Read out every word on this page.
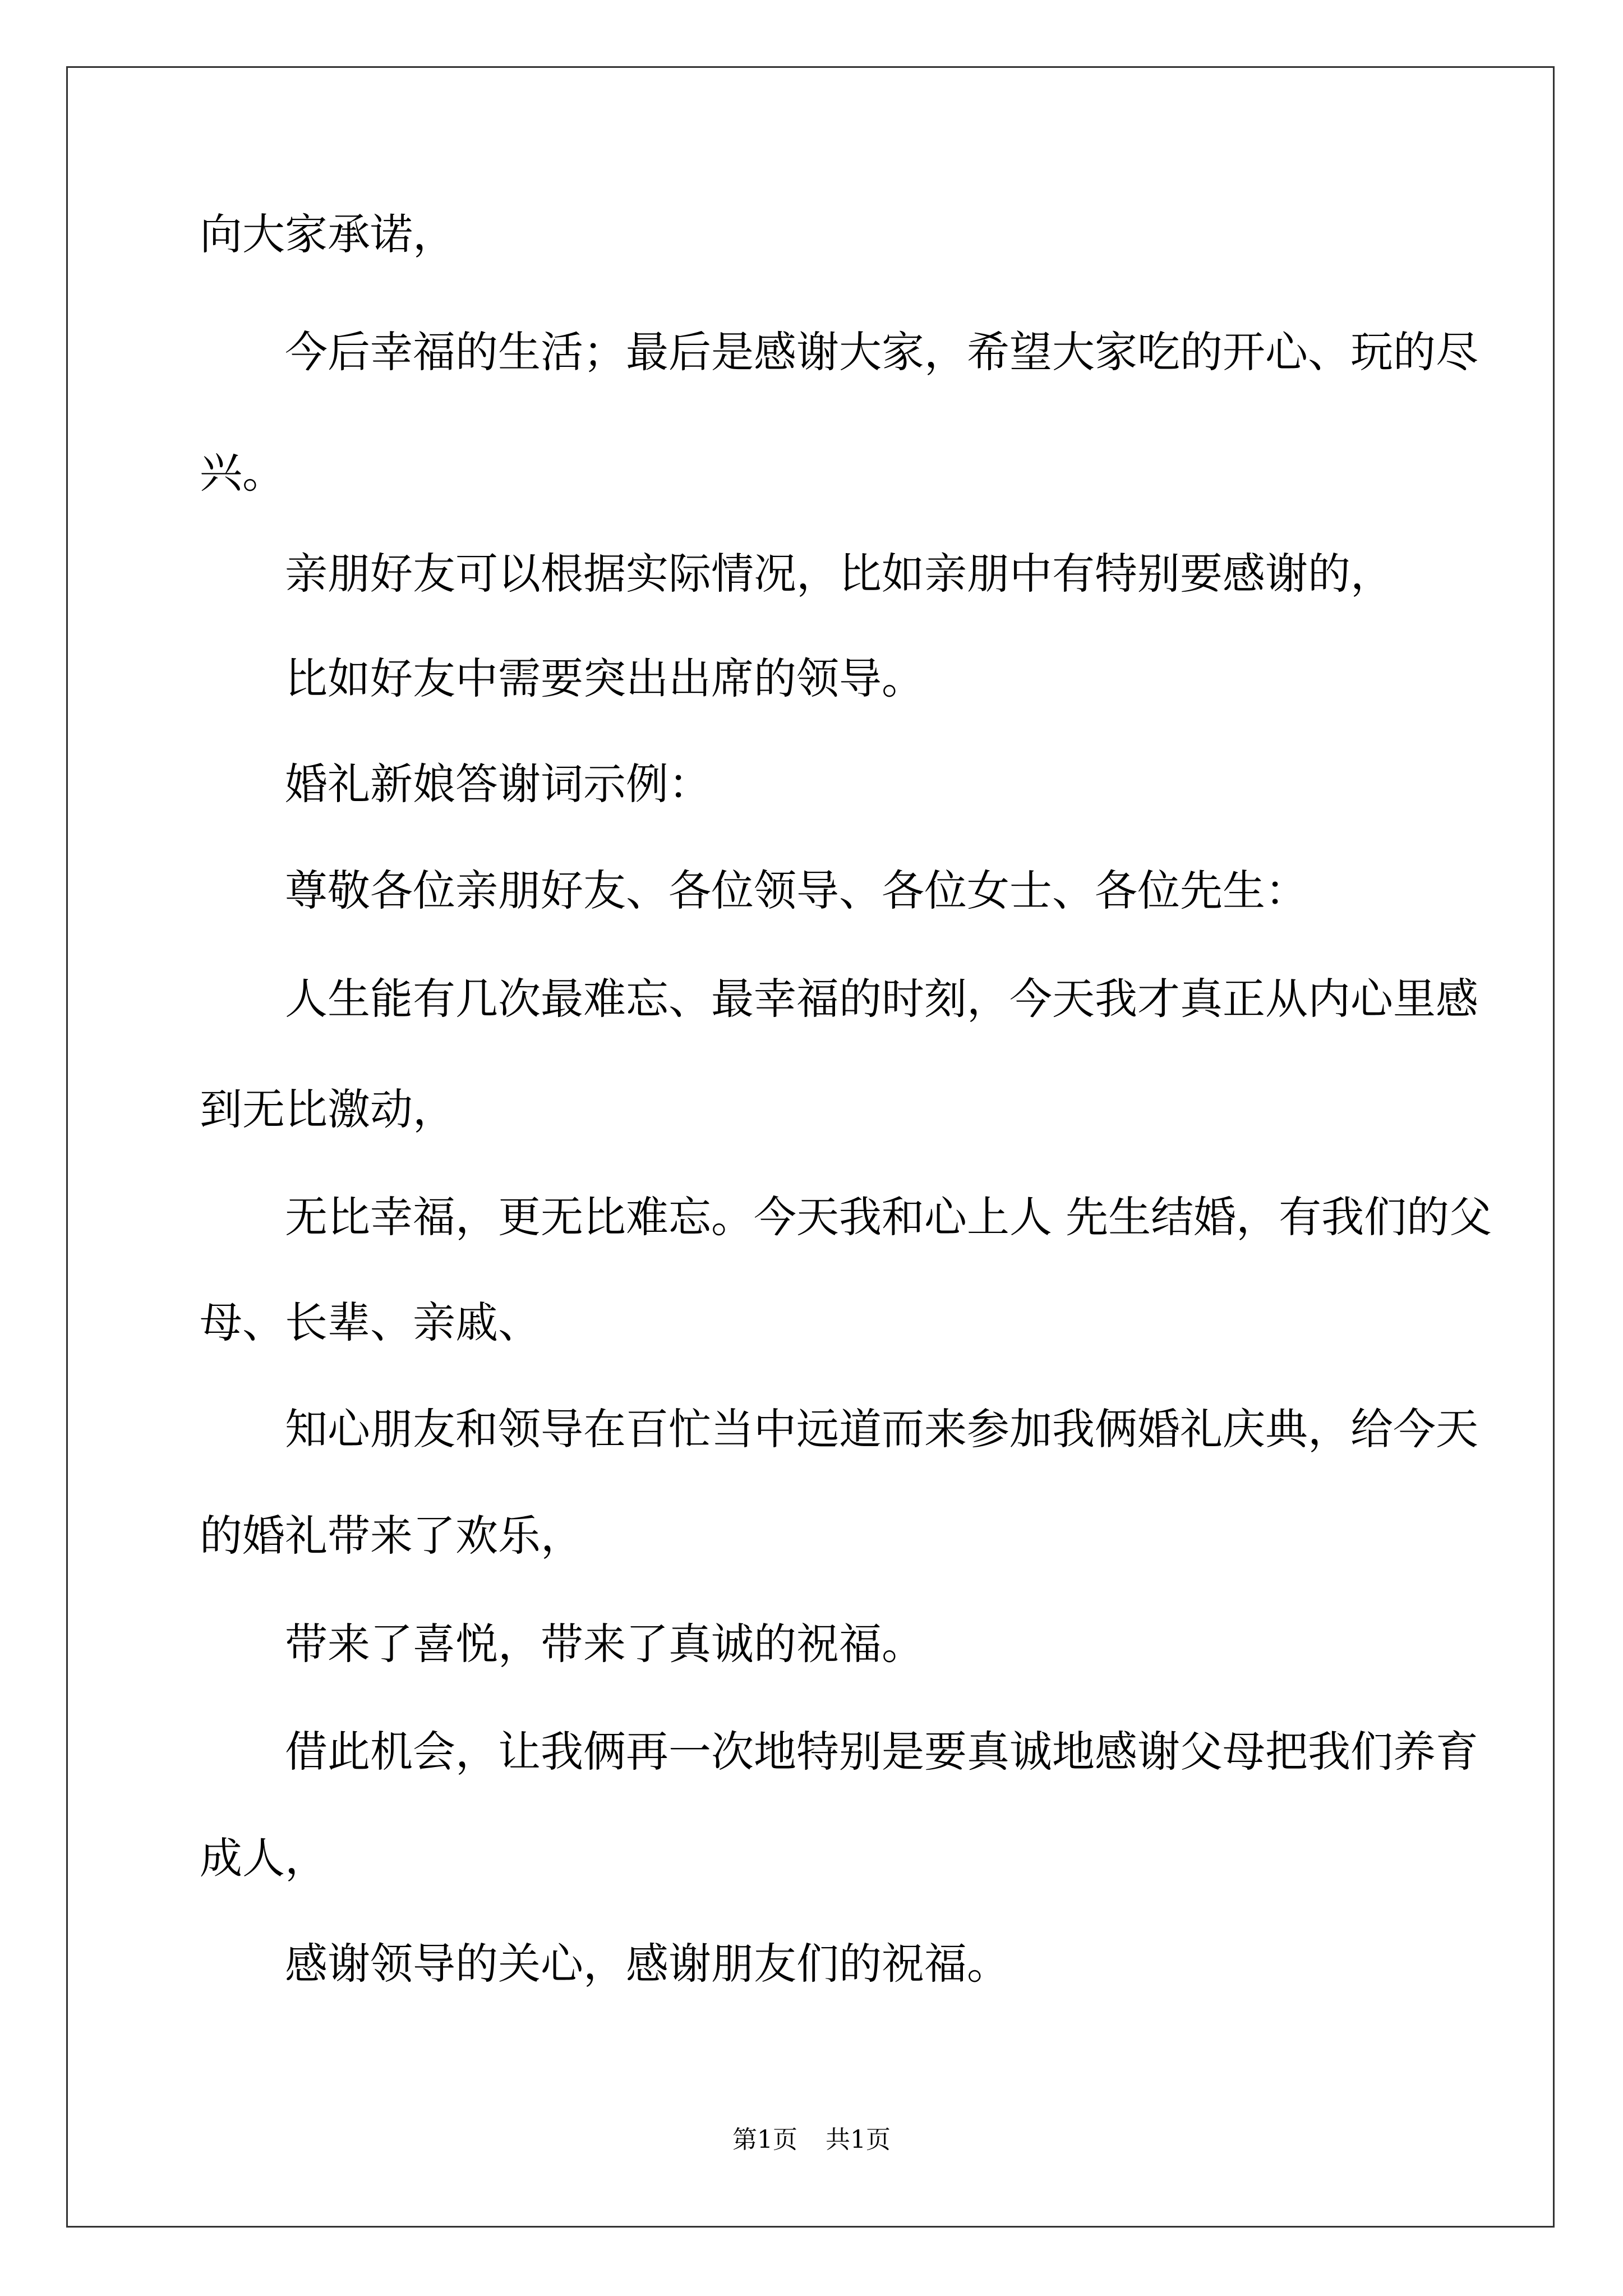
向大家承诺，
今后幸福的生活；最后是感谢大家，希望大家吃的开心、玩的尽
兴。
亲朋好友可以根据实际情况，比如亲朋中有特别要感谢的，
比如好友中需要突出出席的领导。
婚礼新娘答谢词示例：
尊敬各位亲朋好友、各位领导、各位女士、各位先生：
人生能有几次最难忘、最幸福的时刻，今天我才真正从内心里感
到无比激动，
无比幸福，更无比难忘。今天我和心上人 先生结婚，有我们的父
母、长辈、亲戚、
知心朋友和领导在百忙当中远道而来参加我俩婚礼庆典，给今天
的婚礼带来了欢乐，
带来了喜悦，带来了真诚的祝福。
借此机会，让我俩再一次地特别是要真诚地感谢父母把我们养育
成人，
感谢领导的关心，感谢朋友们的祝福。
第1页 共1页
